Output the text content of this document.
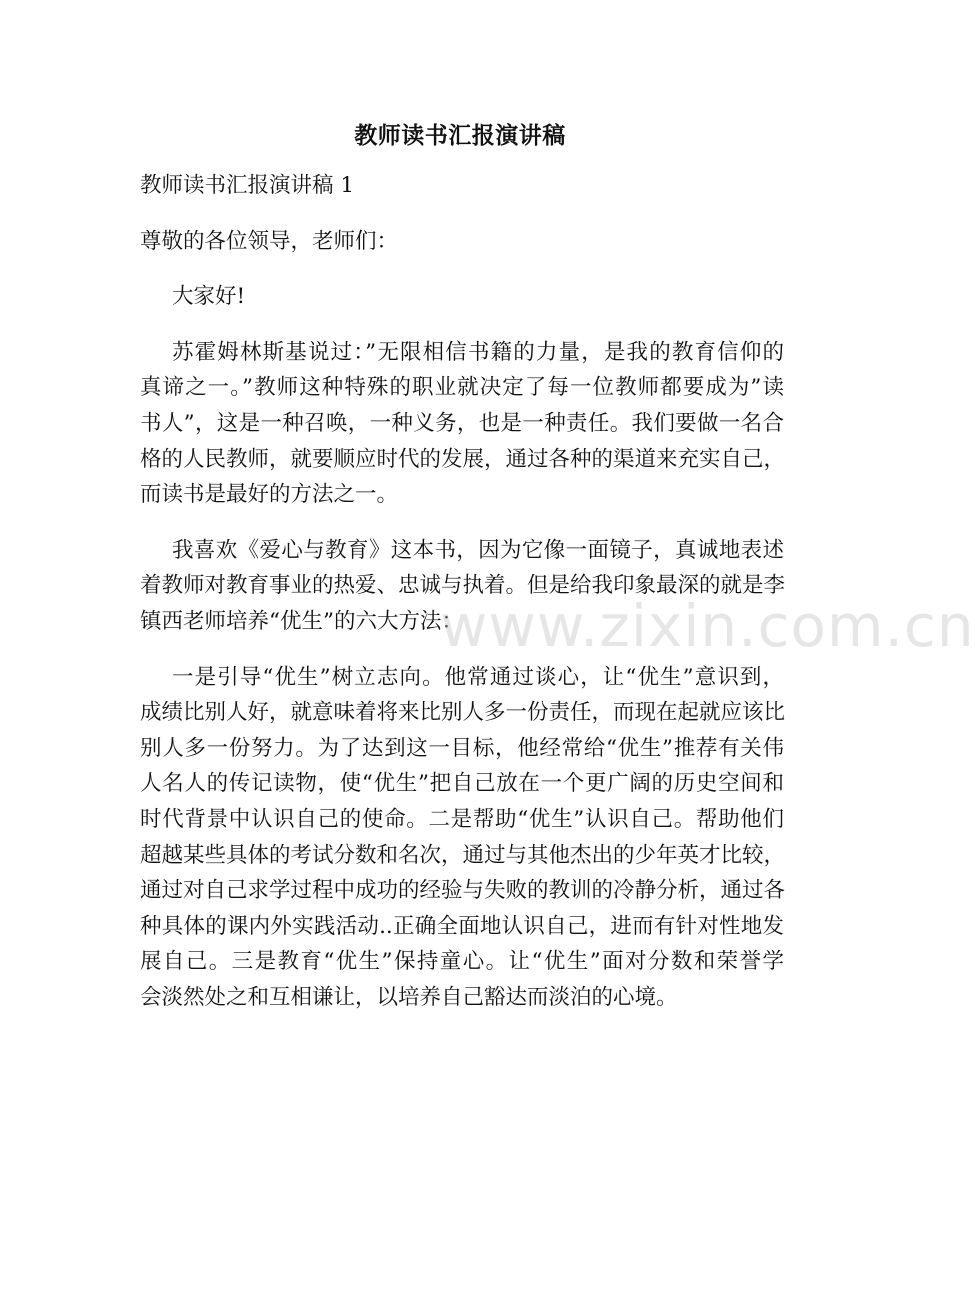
教师读书汇报演讲稿
教师读书汇报演讲稿 1
尊敬的各位领导，老师们：
大家好!
苏霍姆林斯基说过：”无限相信书籍的力量，是我的教育信仰的
真谛之一。”教师这种特殊的职业就决定了每一位教师都要成为”读
书人”，这是一种召唤，一种义务，也是一种责任。我们要做一名合
格的人民教师，就要顺应时代的发展，通过各种的渠道来充实自己，
而读书是最好的方法之一。
我喜欢《爱心与教育》这本书，因为它像一面镜子，真诚地表述
着教师对教育事业的热爱、忠诚与执着。但是给我印象最深的就是李
镇西老师培养“优生”的六大方法：
一是引导“优生”树立志向。他常通过谈心，让“优生”意识到，
成绩比别人好，就意味着将来比别人多一份责任，而现在起就应该比
别人多一份努力。为了达到这一目标，他经常给“优生”推荐有关伟
人名人的传记读物，使“优生”把自己放在一个更广阔的历史空间和
时代背景中认识自己的使命。二是帮助“优生”认识自己。帮助他们
超越某些具体的考试分数和名次，通过与其他杰出的少年英才比较，
通过对自己求学过程中成功的经验与失败的教训的冷静分析，通过各
种具体的课内外实践活动..正确全面地认识自己，进而有针对性地发
展自己。三是教育“优生”保持童心。让“优生”面对分数和荣誉学
会淡然处之和互相谦让，以培养自己豁达而淡泊的心境。
www.zixin.com.cn
